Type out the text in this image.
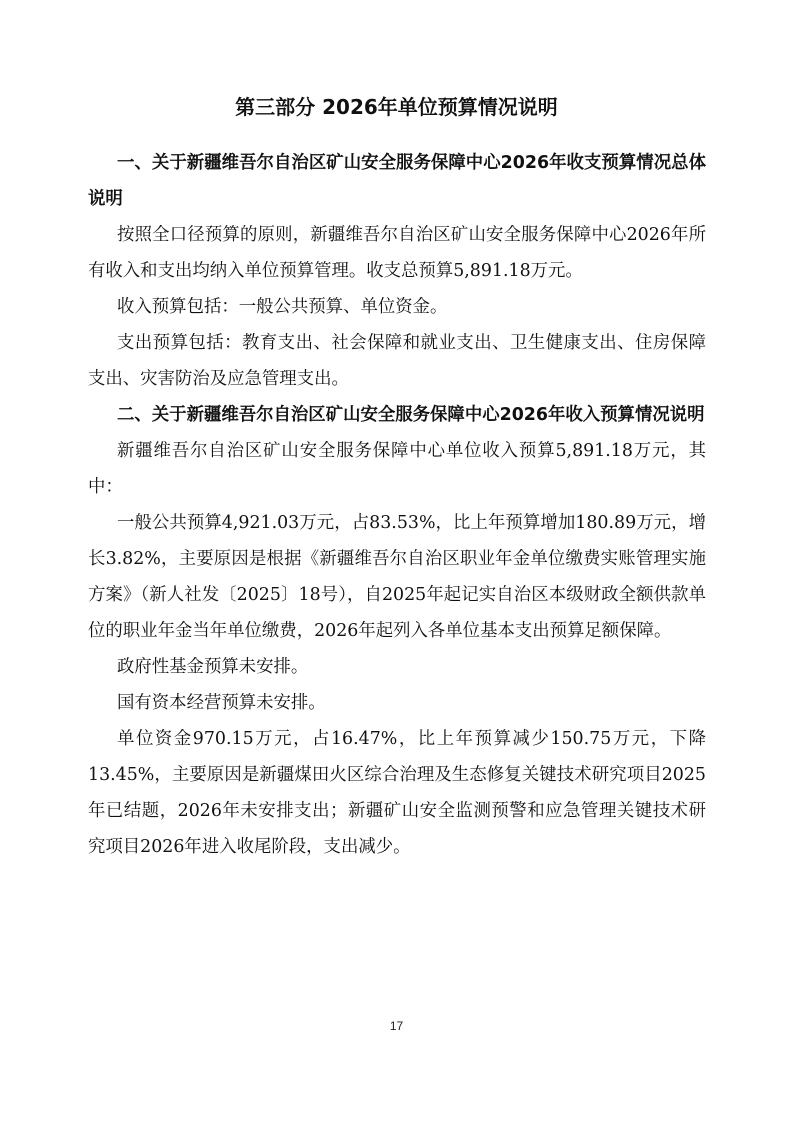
第三部分 2026年单位预算情况说明

一、关于新疆维吾尔自治区矿山安全服务保障中心2026年收支预算情况总体说明

按照全口径预算的原则，新疆维吾尔自治区矿山安全服务保障中心2026年所有收入和支出均纳入单位预算管理。收支总预算5,891.18万元。

收入预算包括：一般公共预算、单位资金。

支出预算包括：教育支出、社会保障和就业支出、卫生健康支出、住房保障支出、灾害防治及应急管理支出。

二、关于新疆维吾尔自治区矿山安全服务保障中心2026年收入预算情况说明

新疆维吾尔自治区矿山安全服务保障中心单位收入预算5,891.18万元，其中：

一般公共预算4,921.03万元，占83.53%，比上年预算增加180.89万元，增长3.82%，主要原因是根据《新疆维吾尔自治区职业年金单位缴费实账管理实施方案》（新人社发〔2025〕18号），自2025年起记实自治区本级财政全额供款单位的职业年金当年单位缴费，2026年起列入各单位基本支出预算足额保障。

政府性基金预算未安排。

国有资本经营预算未安排。

单位资金970.15万元，占16.47%，比上年预算减少150.75万元，下降13.45%，主要原因是新疆煤田火区综合治理及生态修复关键技术研究项目2025年已结题，2026年未安排支出；新疆矿山安全监测预警和应急管理关键技术研究项目2026年进入收尾阶段，支出减少。

17
